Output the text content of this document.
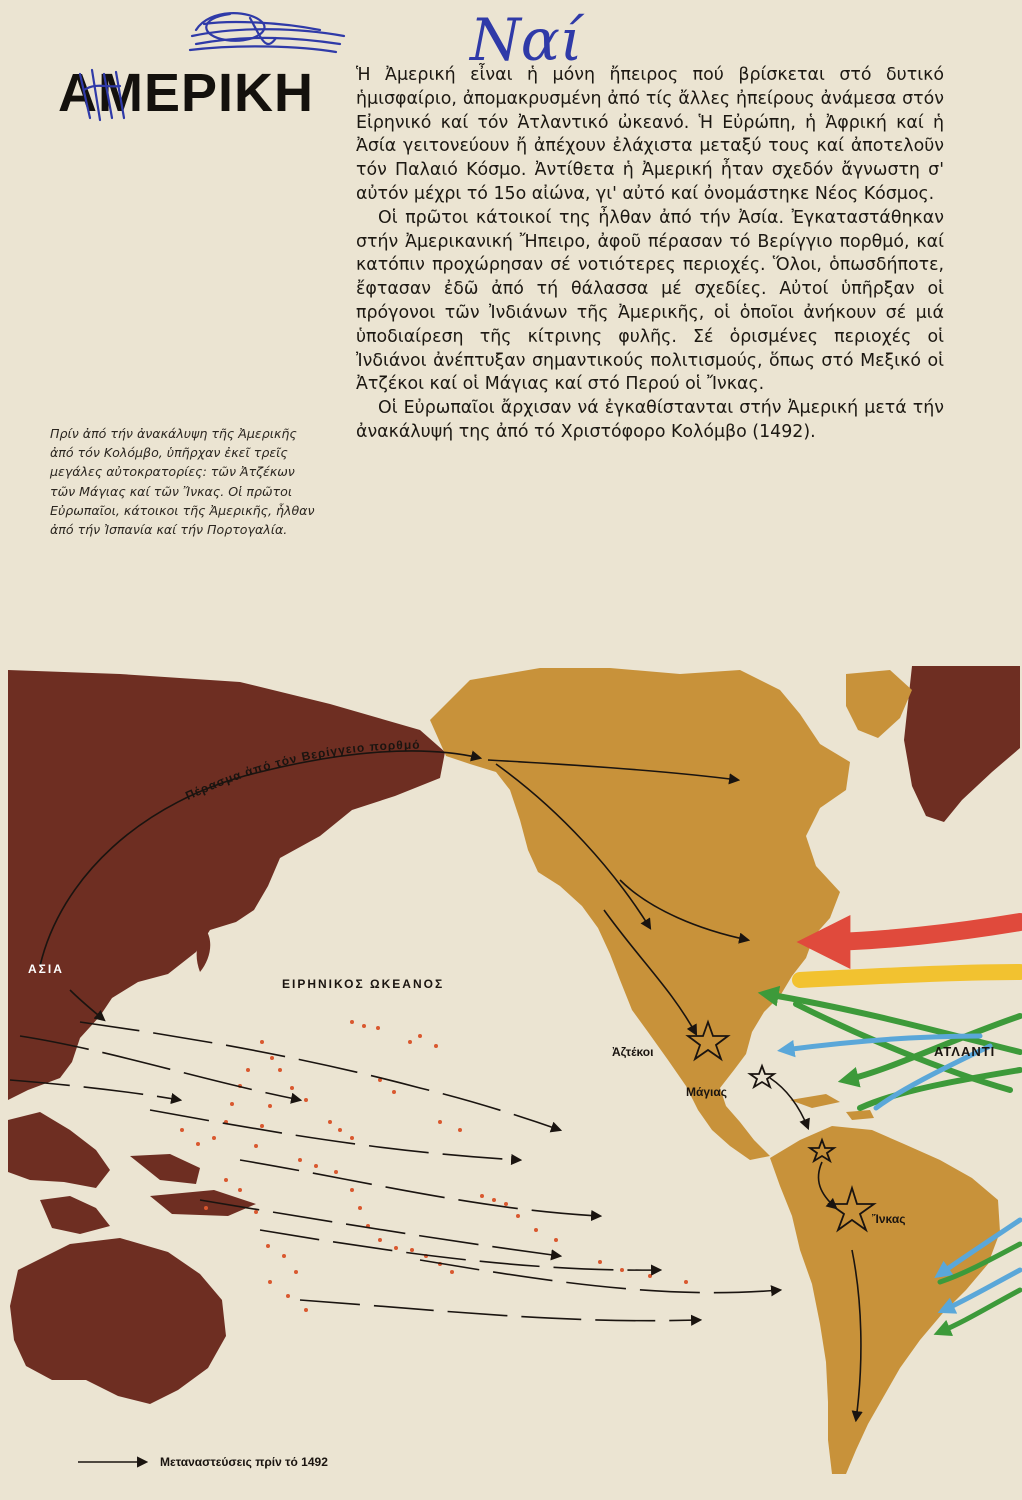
ΑΜΕΡΙΚΗ
Ναί

Πρίν ἀπό τήν ἀνακάλυψη τῆς Ἀμερικῆς ἀπό τόν Κολόμβο, ὑπῆρχαν ἐκεῖ τρεῖς μεγάλες αὐτοκρατορίες: τῶν Ἀτζέκων τῶν Μάγιας καί τῶν Ἴνκας. Οἱ πρῶτοι Εὐρωπαῖοι, κάτοικοι τῆς Ἀμερικῆς, ἦλθαν ἀπό τήν Ἰσπανία καί τήν Πορτογαλία.

Ἡ Ἀμερική εἶναι ἡ μόνη ἤπειρος πού βρίσκεται στό δυτικό ἡμισφαίριο, ἀπομακρυσμένη ἀπό τίς ἄλλες ἠπείρους ἀνάμεσα στόν Εἰρηνικό καί τόν Ἀτλαντικό ὠκεανό. Ἡ Εὐρώπη, ἡ Ἀφρική καί ἡ Ἀσία γειτονεύουν ἤ ἀπέχουν ἐλάχιστα μεταξύ τους καί ἀποτελοῦν τόν Παλαιό Κόσμο. Ἀντίθετα ἡ Ἀμερική ἦταν σχεδόν ἄγνωστη σ' αὐτόν μέχρι τό 15ο αἰώνα, γι' αὐτό καί ὀνομάστηκε Νέος Κόσμος.

Οἱ πρῶτοι κάτοικοί της ἦλθαν ἀπό τήν Ἀσία. Ἐγκαταστάθηκαν στήν Ἀμερικανική Ἤπειρο, ἀφοῦ πέρασαν τό Βερίγγιο πορθμό, καί κατόπιν προχώρησαν σέ νοτιότερες περιοχές. Ὅλοι, ὁπωσδήποτε, ἔφτασαν ἐδῶ ἀπό τή θάλασσα μέ σχεδίες. Αὐτοί ὑπῆρξαν οἱ πρόγονοι τῶν Ἰνδιάνων τῆς Ἀμερικῆς, οἱ ὁποῖοι ἀνήκουν σέ μιά ὑποδιαίρεση τῆς κίτρινης φυλῆς. Σέ ὁρισμένες περιοχές οἱ Ἰνδιάνοι ἀνέπτυξαν σημαντικούς πολιτισμούς, ὅπως στό Μεξικό οἱ Ἀτζέκοι καί οἱ Μάγιας καί στό Περού οἱ Ἴνκας.

Οἱ Εὐρωπαῖοι ἄρχισαν νά ἐγκαθίστανται στήν Ἀμερική μετά τήν ἀνακάλυψή της ἀπό τό Χριστόφορο Κολόμβο (1492).

ΑΣΙΑ
ΕΙΡΗΝΙΚΟΣ ΩΚΕΑΝΟΣ
ΑΤΛΑΝΤΙ
Ἀζτέκοι
Μάγιας
Ἴνκας
Πέρασμα ἀπό τόν Βερίγγειο πορθμό
Μεταναστεύσεις πρίν τό 1492
